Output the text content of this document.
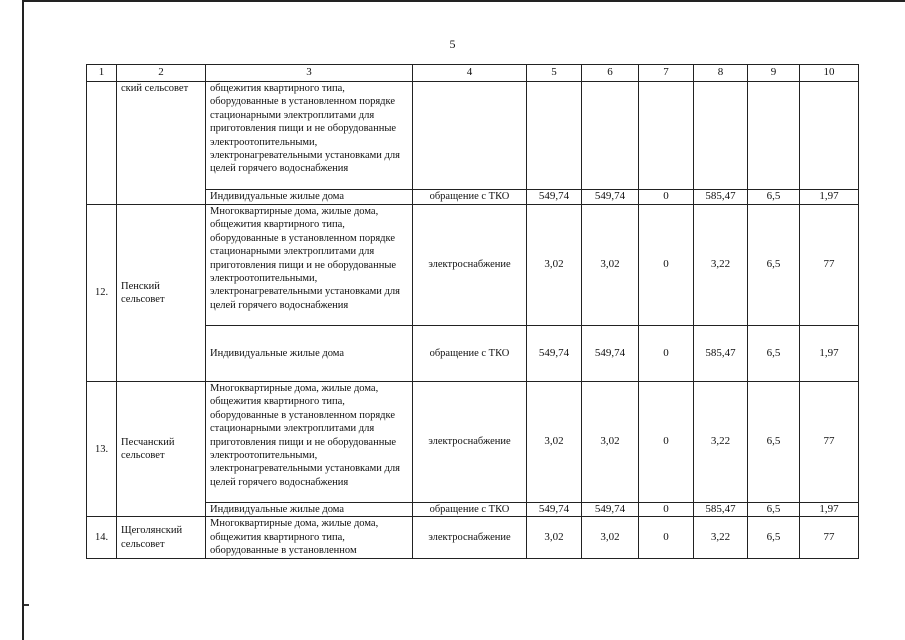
5
1	2	3	4	5	6	7	8	9	10
	ский сельсовет	общежития квартирного типа, оборудованные в установленном порядке стационарными электроплитами для приготовления пищи и не оборудованные электроотопительными, электронагревательными установками для целей горячего водоснабжения							
		Индивидуальные жилые дома	обращение с ТКО	549,74	549,74	0	585,47	6,5	1,97
12.	Пенский сельсовет	Многоквартирные дома, жилые дома, общежития квартирного типа, оборудованные в установленном порядке стационарными электроплитами для приготовления пищи и не оборудованные электроотопительными, электронагревательными установками для целей горячего водоснабжения	электроснабжение	3,02	3,02	0	3,22	6,5	77
		Индивидуальные жилые дома	обращение с ТКО	549,74	549,74	0	585,47	6,5	1,97
13.	Песчанский сельсовет	Многоквартирные дома, жилые дома, общежития квартирного типа, оборудованные в установленном порядке стационарными электроплитами для приготовления пищи и не оборудованные электроотопительными, электронагревательными установками для целей горячего водоснабжения	электроснабжение	3,02	3,02	0	3,22	6,5	77
		Индивидуальные жилые дома	обращение с ТКО	549,74	549,74	0	585,47	6,5	1,97
14.	Щеголянский сельсовет	Многоквартирные дома, жилые дома, общежития квартирного типа, оборудованные в установленном	электроснабжение	3,02	3,02	0	3,22	6,5	77
